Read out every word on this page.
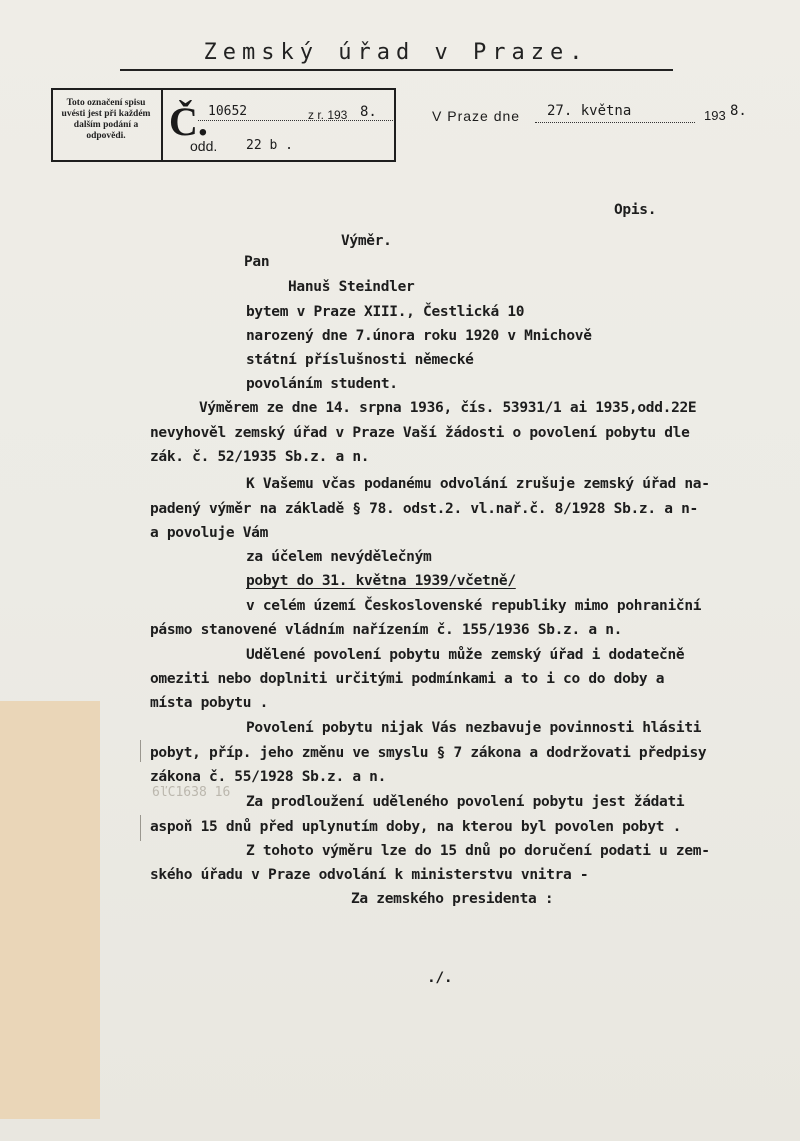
Zemský úřad v Praze.
Toto označení spisu uvésti jest při každém dalším podání a odpovědi.	Č. 10652	z r. 193 8.
odd. 22 b .
V Praze dne 27. května	193 8.
Opis.
Výměr.
Pan
Hanuš Steindler
bytem v Praze XIII., Čestlická 10
narozený dne 7.února roku 1920 v Mnichově
státní příslušnosti německé
povoláním student.
Výměrem ze dne 14. srpna 1936, čís. 53931/1 ai 1935,odd.22E
nevyhověl zemský úřad v Praze Vaší žádosti o povolení pobytu dle
zák. č. 52/1935 Sb.z. a n.
K Vašemu včas podanému odvolání zrušuje zemský úřad na-
padený výměr na základě § 78. odst.2. vl.nař.č. 8/1928 Sb.z. a n-
a povoluje Vám
za účelem nevýdělečným
pobyt do 31. května 1939/včetně/
v celém území Československé republiky mimo pohraniční
pásmo stanovené vládním nařízením č. 155/1936 Sb.z. a n.
Udělené povolení pobytu může zemský úřad i dodatečně
omeziti nebo doplniti určitými podmínkami a to i co do doby a
místa pobytu .
Povolení pobytu nijak Vás nezbavuje povinnosti hlásiti
pobyt, příp. jeho změnu ve smyslu § 7 zákona a dodržovati předpisy
zákona č. 55/1928 Sb.z. a n.
Za prodloužení uděleného povolení pobytu jest žádati
aspoň 15 dnů před uplynutím doby, na kterou byl povolen pobyt .
Z tohoto výměru lze do 15 dnů po doručení podati u zem-
ského úřadu v Praze odvolání k ministerstvu vnitra -
Za zemského presidenta :
./.
6ľC1638 16
